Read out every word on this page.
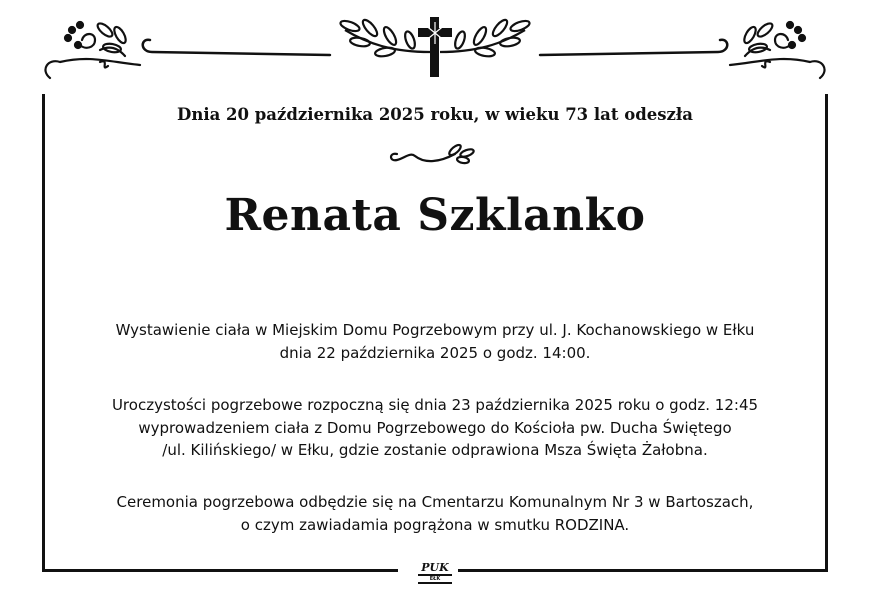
Dnia 20 października 2025 roku, w wieku 73 lat odeszła
Renata Szklanko
Wystawienie ciała w Miejskim Domu Pogrzebowym przy ul. J. Kochanowskiego w Ełku
dnia 22 października 2025 o godz. 14:00.
Uroczystości pogrzebowe rozpoczną się dnia 23 października 2025 roku o godz. 12:45
wyprowadzeniem ciała z Domu Pogrzebowego do Kościoła pw. Ducha Świętego
/ul. Kilińskiego/ w Ełku, gdzie zostanie odprawiona Msza Święta Żałobna.
Ceremonia pogrzebowa odbędzie się na Cmentarzu Komunalnym Nr 3 w Bartoszach,
o czym zawiadamia pogrążona w smutku RODZINA.
PUK
EŁK
